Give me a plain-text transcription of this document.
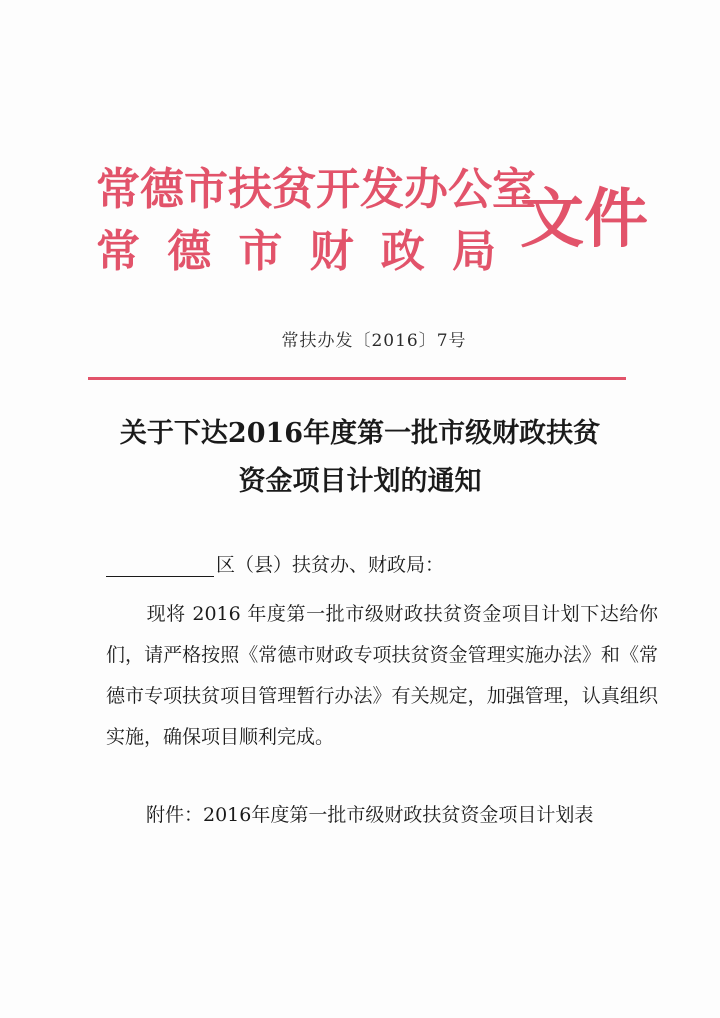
常德市扶贫开发办公室
常 德 市 财 政 局 文件
常扶办发〔2016〕7号
关于下达2016年度第一批市级财政扶贫
资金项目计划的通知
区（县）扶贫办、财政局：
现将 2016 年度第一批市级财政扶贫资金项目计划下达给你们，请严格按照《常德市财政专项扶贫资金管理实施办法》和《常德市专项扶贫项目管理暂行办法》有关规定，加强管理，认真组织实施，确保项目顺利完成。
附件：2016年度第一批市级财政扶贫资金项目计划表
